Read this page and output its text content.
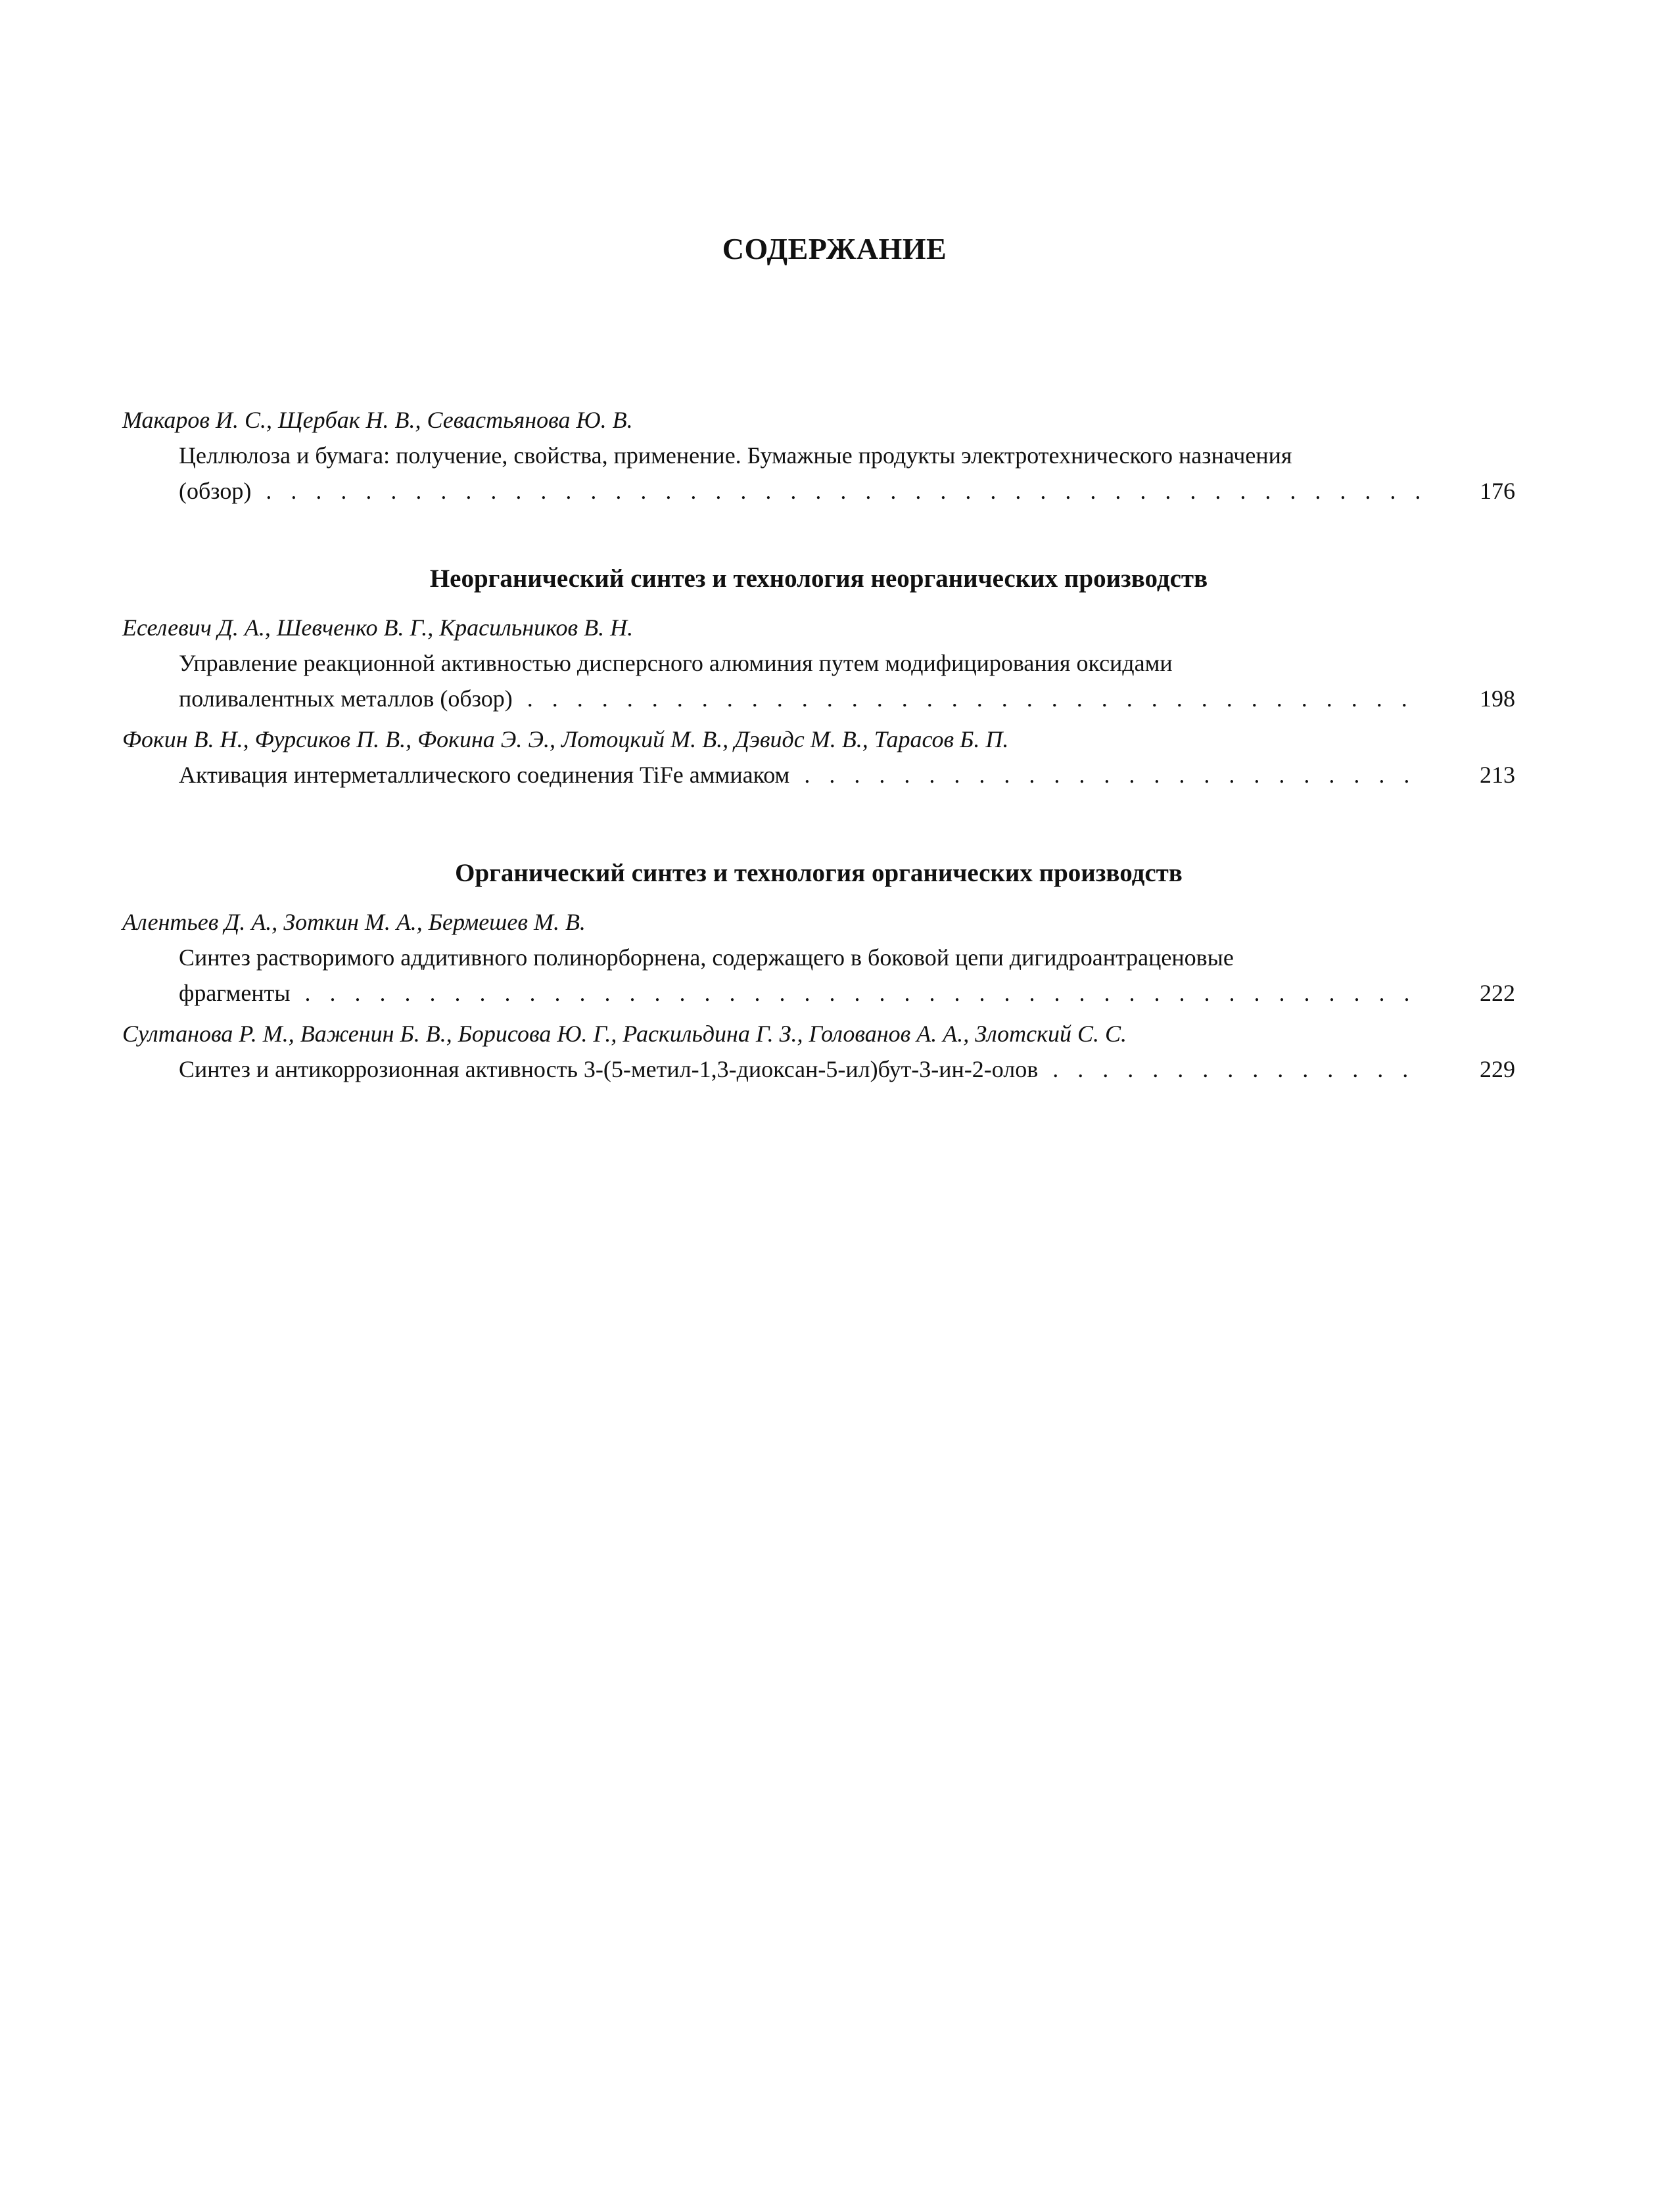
СОДЕРЖАНИЕ

Макаров И. С., Щербак Н. В., Севастьянова Ю. В.

Целлюлоза и бумага: получение, свойства, применение. Бумажные продукты электротехнического назначения

(обзор) . . .	176
Неорганический синтез и технология неорганических производств

Еселевич Д. А., Шевченко В. Г., Красильников В. Н.

Управление реакционной активностью дисперсного алюминия путем модифицирования оксидами

поливалентных металлов (обзор) . . .	198

Фокин В. Н., Фурсиков П. В., Фокина Э. Э., Лотоцкий М. В., Дэвидс М. В., Тарасов Б. П.

Активация интерметаллического соединения TiFe аммиаком . . .	213
Органический синтез и технология органических производств

Алентьев Д. А., Зоткин М. А., Бермешев М. В.

Синтез растворимого аддитивного полинорборнена, содержащего в боковой цепи дигидроантраценовые

фрагменты . . .	222

Султанова Р. М., Важенин Б. В., Борисова Ю. Г., Раскильдина Г. З., Голованов А. А., Злотский С. С.

Синтез и антикоррозионная активность 3-(5-метил-1,3-диоксан-5-ил)бут-3-ин-2-олов . . .	229
